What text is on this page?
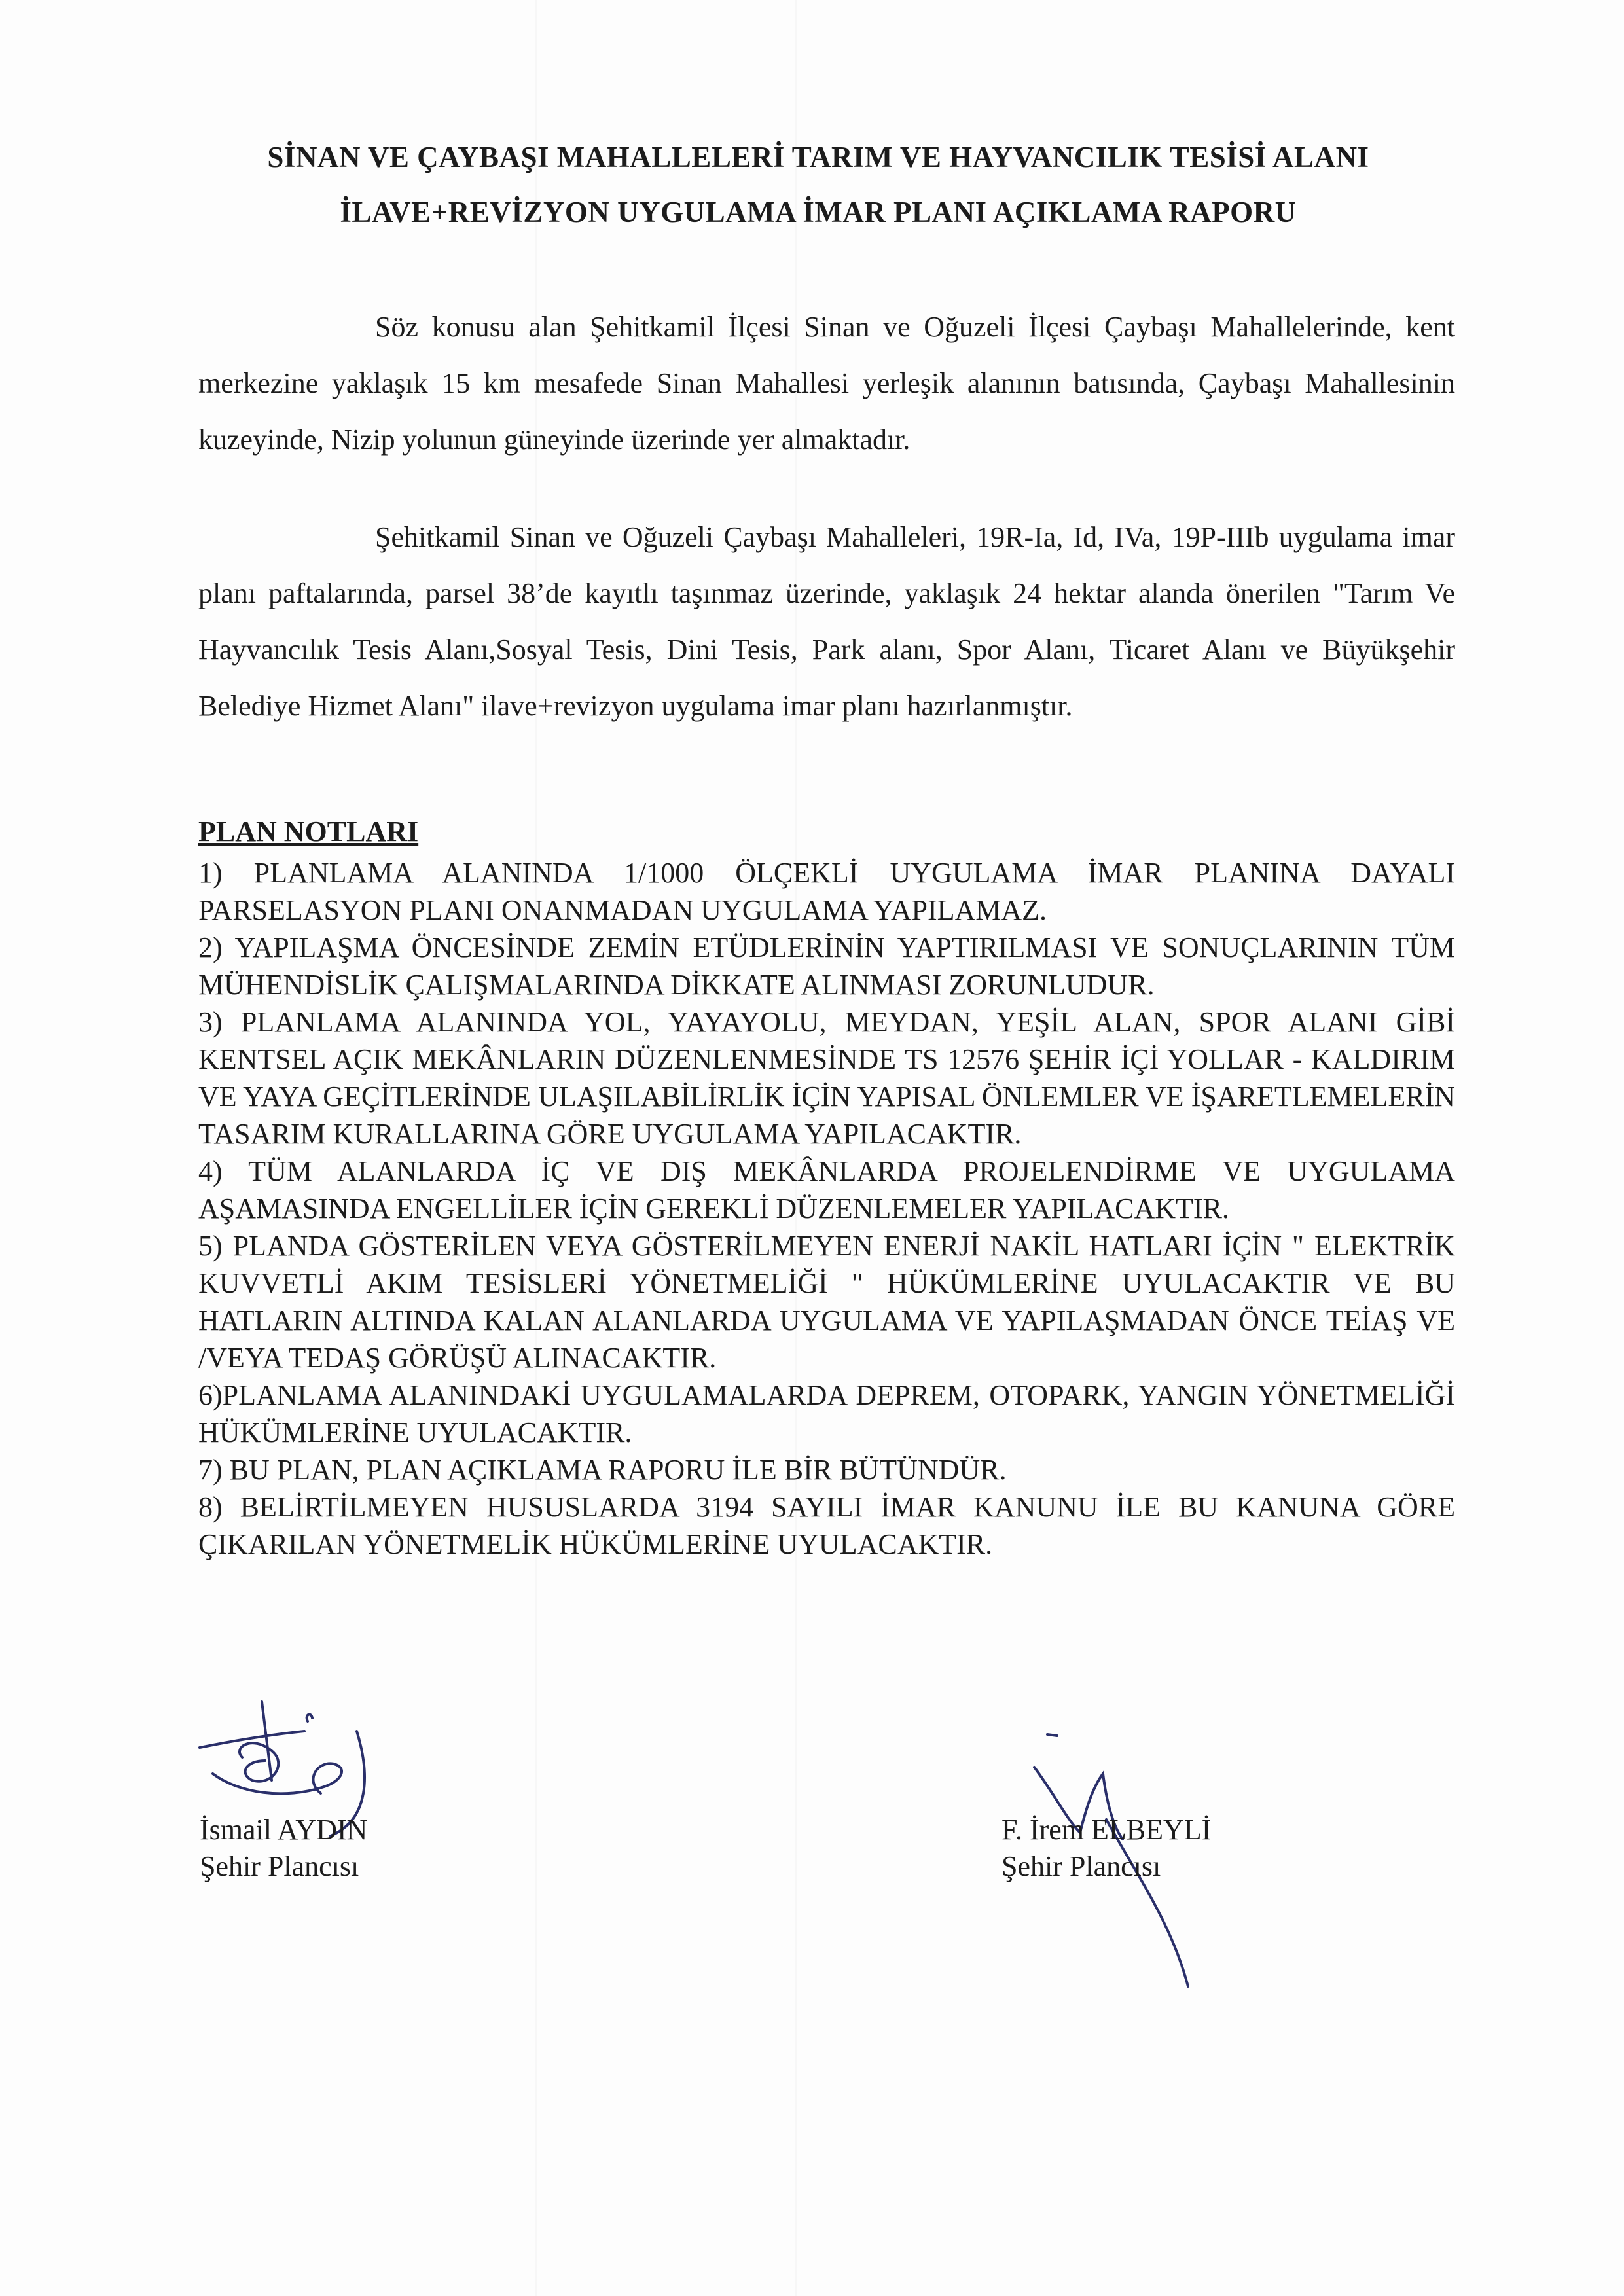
SİNAN VE ÇAYBAŞI MAHALLELERİ TARIM VE HAYVANCILIK TESİSİ ALANI
İLAVE+REVİZYON UYGULAMA İMAR PLANI AÇIKLAMA RAPORU

Söz konusu alan Şehitkamil İlçesi Sinan ve Oğuzeli İlçesi Çaybaşı Mahallelerinde, kent merkezine yaklaşık 15 km mesafede Sinan Mahallesi yerleşik alanının batısında, Çaybaşı Mahallesinin kuzeyinde, Nizip yolunun güneyinde üzerinde yer almaktadır.

Şehitkamil Sinan ve Oğuzeli Çaybaşı Mahalleleri, 19R-Ia, Id, IVa, 19P-IIIb uygulama imar planı paftalarında, parsel 38’de kayıtlı taşınmaz üzerinde, yaklaşık 24 hektar alanda önerilen "Tarım Ve Hayvancılık Tesis Alanı,Sosyal Tesis, Dini Tesis, Park alanı, Spor Alanı, Ticaret Alanı ve Büyükşehir Belediye Hizmet Alanı" ilave+revizyon uygulama imar planı hazırlanmıştır.

PLAN NOTLARI
1) PLANLAMA ALANINDA 1/1000 ÖLÇEKLİ UYGULAMA İMAR PLANINA DAYALI PARSELASYON PLANI ONANMADAN UYGULAMA YAPILAMAZ.
2) YAPILAŞMA ÖNCESİNDE ZEMİN ETÜDLERİNİN YAPTIRILMASI VE SONUÇLARININ TÜM MÜHENDİSLİK ÇALIŞMALARINDA DİKKATE ALINMASI ZORUNLUDUR.
3) PLANLAMA ALANINDA YOL, YAYAYOLU, MEYDAN, YEŞİL ALAN, SPOR ALANI GİBİ KENTSEL AÇIK MEKÂNLARIN DÜZENLENMESİNDE TS 12576 ŞEHİR İÇİ YOLLAR - KALDIRIM VE YAYA GEÇİTLERİNDE ULAŞILABİLİRLİK İÇİN YAPISAL ÖNLEMLER VE İŞARETLEMELERİN TASARIM KURALLARINA GÖRE UYGULAMA YAPILACAKTIR.
4) TÜM ALANLARDA İÇ VE DIŞ MEKÂNLARDA PROJELENDİRME VE UYGULAMA AŞAMASINDA ENGELLİLER İÇİN GEREKLİ DÜZENLEMELER YAPILACAKTIR.
5) PLANDA GÖSTERİLEN VEYA GÖSTERİLMEYEN ENERJİ NAKİL HATLARI İÇİN " ELEKTRİK KUVVETLİ AKIM TESİSLERİ YÖNETMELİĞİ " HÜKÜMLERİNE UYULACAKTIR VE BU HATLARIN ALTINDA KALAN ALANLARDA UYGULAMA VE YAPILAŞMADAN ÖNCE TEİAŞ VE /VEYA TEDAŞ GÖRÜŞÜ ALINACAKTIR.
6)PLANLAMA ALANINDAKİ UYGULAMALARDA DEPREM, OTOPARK, YANGIN YÖNETMELİĞİ HÜKÜMLERİNE UYULACAKTIR.
7) BU PLAN, PLAN AÇIKLAMA RAPORU İLE BİR BÜTÜNDÜR.
8) BELİRTİLMEYEN HUSUSLARDA 3194 SAYILI İMAR KANUNU İLE BU KANUNA GÖRE ÇIKARILAN YÖNETMELİK HÜKÜMLERİNE UYULACAKTIR.
İsmail AYDIN
Şehir Plancısı
F. İrem ELBEYLİ
Şehir Plancısı
